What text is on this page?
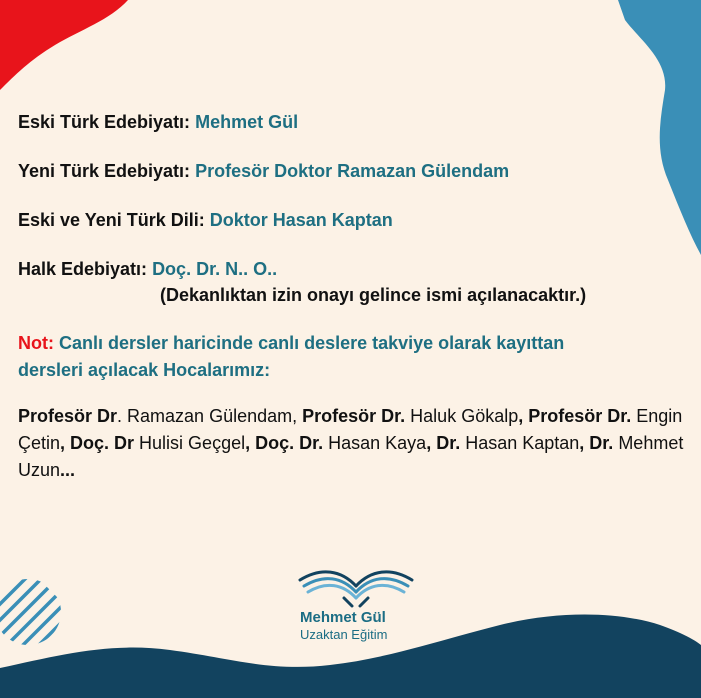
Eski Türk Edebiyatı: Mehmet Gül
Yeni Türk Edebiyatı: Profesör Doktor Ramazan Gülendam
Eski ve Yeni Türk Dili: Doktor Hasan Kaptan
Halk Edebiyatı: Doç. Dr. N.. O..
(Dekanlıktan izin onayı gelince ismi açılanacaktır.)
Not: Canlı dersler haricinde canlı deslere takviye olarak kayıttan
dersleri açılacak Hocalarımız:
Profesör Dr. Ramazan Gülendam, Profesör Dr. Haluk Gökalp, Profesör Dr. Engin Çetin, Doç. Dr Hulisi Geçgel, Doç. Dr. Hasan Kaya, Dr. Hasan Kaptan, Dr. Mehmet Uzun...
Mehmet Gül
Uzaktan Eğitim
